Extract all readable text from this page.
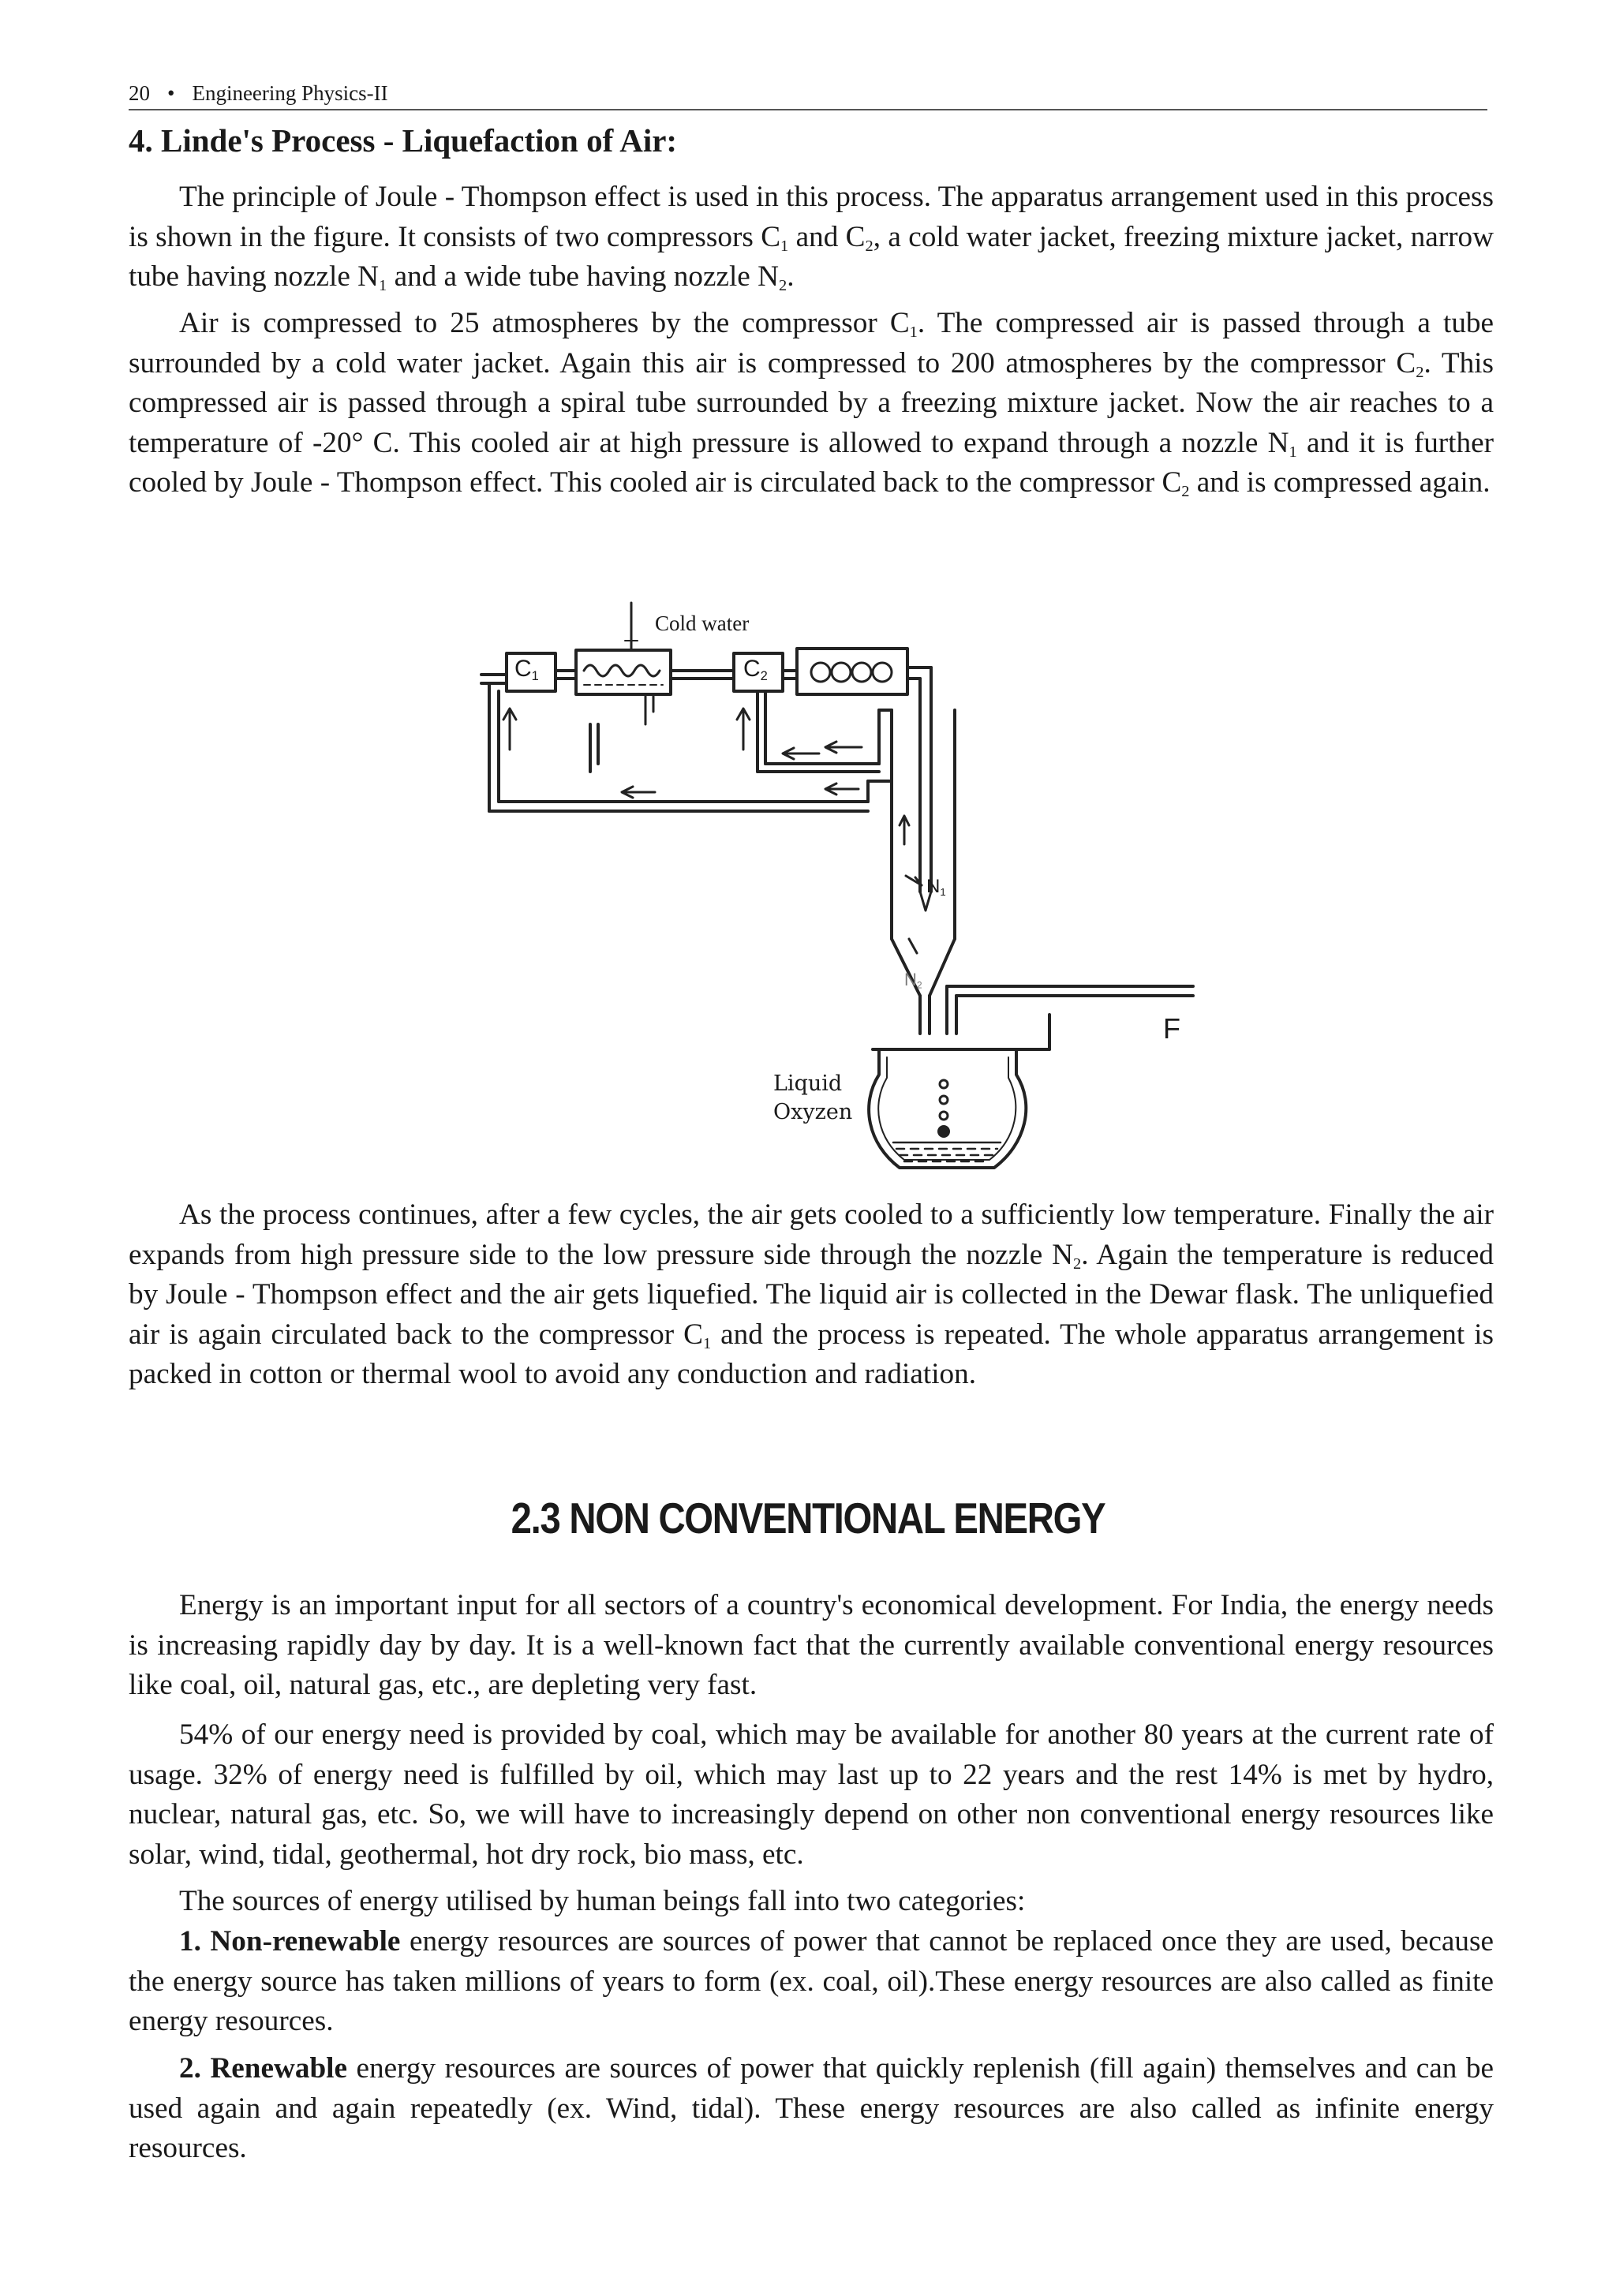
20 • Engineering Physics-II
4. Linde's Process - Liquefaction of Air:

The principle of Joule - Thompson effect is used in this process. The apparatus arrangement used in this process is shown in the figure. It consists of two compressors $C_1$ and $C_2$, a cold water jacket, freezing mixture jacket, narrow tube having nozzle $N_1$ and a wide tube having nozzle $N_2$.

Air is compressed to 25 atmospheres by the compressor $C_1$. The compressed air is passed through a tube surrounded by a cold water jacket. Again this air is compressed to 200 atmospheres by the compressor $C_2$. This compressed air is passed through a spiral tube surrounded by a freezing mixture jacket. Now the air reaches to a temperature of -20° C. This cooled air at high pressure is allowed to expand through a nozzle $N_1$ and it is further cooled by Joule - Thompson effect. This cooled air is circulated back to the compressor $C_2$ and is compressed again.

Cold water
$C_1$	$C_2$
$N_1$
$N_2$
F
Liquid
Oxyzen

As the process continues, after a few cycles, the air gets cooled to a sufficiently low temperature. Finally the air expands from high pressure side to the low pressure side through the nozzle $N_2$. Again the temperature is reduced by Joule - Thompson effect and the air gets liquefied. The liquid air is collected in the Dewar flask. The unliquefied air is again circulated back to the compressor $C_1$ and the process is repeated. The whole apparatus arrangement is packed in cotton or thermal wool to avoid any conduction and radiation.

2.3 NON CONVENTIONAL ENERGY

Energy is an important input for all sectors of a country's economical development. For India, the energy needs is increasing rapidly day by day. It is a well-known fact that the currently available conventional energy resources like coal, oil, natural gas, etc., are depleting very fast.

54% of our energy need is provided by coal, which may be available for another 80 years at the current rate of usage. 32% of energy need is fulfilled by oil, which may last up to 22 years and the rest 14% is met by hydro, nuclear, natural gas, etc. So, we will have to increasingly depend on other non conventional energy resources like solar, wind, tidal, geothermal, hot dry rock, bio mass, etc.

The sources of energy utilised by human beings fall into two categories:

1. Non-renewable energy resources are sources of power that cannot be replaced once they are used, because the energy source has taken millions of years to form (ex. coal, oil).These energy resources are also called as finite energy resources.

2. Renewable energy resources are sources of power that quickly replenish (fill again) themselves and can be used again and again repeatedly (ex. Wind, tidal). These energy resources are also called as infinite energy resources.
